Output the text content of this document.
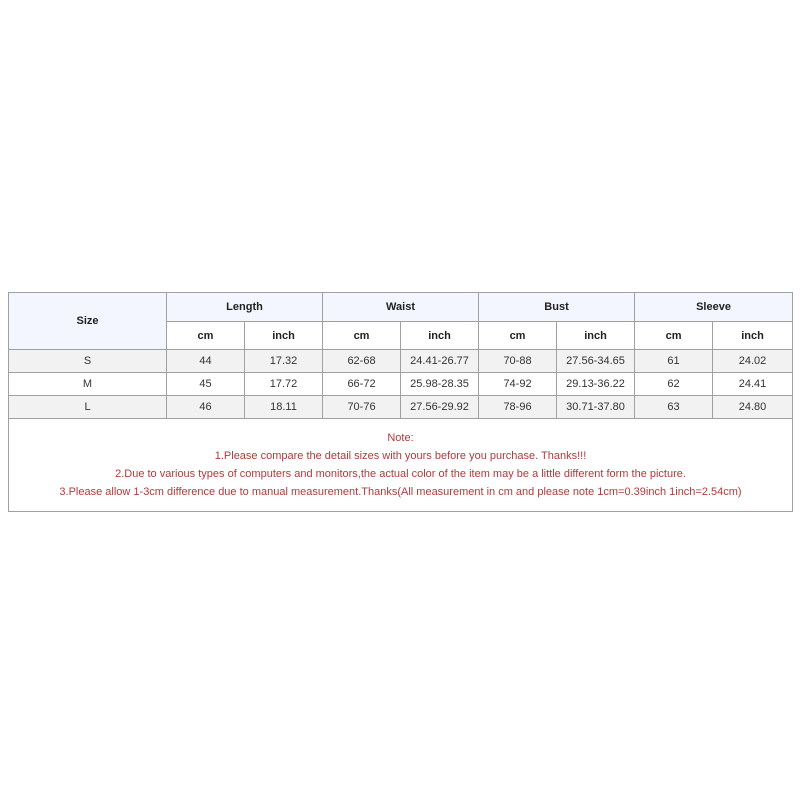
Size	Length		Waist		Bust		Sleeve	
	cm	inch	cm	inch	cm	inch	cm	inch
S	44	17.32	62-68	24.41-26.77	70-88	27.56-34.65	61	24.02
M	45	17.72	66-72	25.98-28.35	74-92	29.13-36.22	62	24.41
L	46	18.11	70-76	27.56-29.92	78-96	30.71-37.80	63	24.80

Note:
1.Please compare the detail sizes with yours before you purchase. Thanks!!!
2.Due to various types of computers and monitors,the actual color of the item may be a little different form the picture.
3.Please allow 1-3cm difference due to manual measurement.Thanks(All measurement in cm and please note 1cm=0.39inch 1inch=2.54cm)								
